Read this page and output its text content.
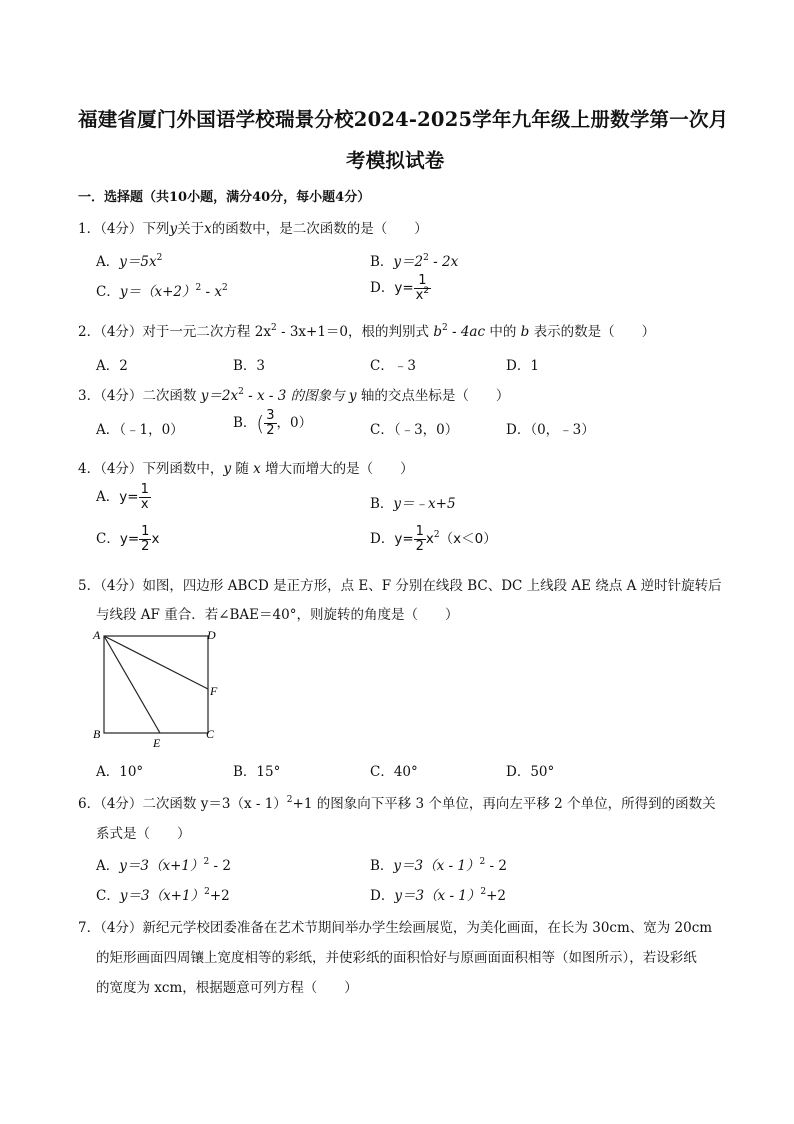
福建省厦门外国语学校瑞景分校2024-2025学年九年级上册数学第一次月
考模拟试卷
一．选择题（共10小题，满分40分，每小题4分）
1．（4分）下列y关于x的函数中，是二次函数的是（　　）
A．$y=5x^2$	B．$y=2^2 - 2x$
C．$y=(x+2)^2 - x^2$	D．$y= \frac{1}{x^2}$
2．（4分）对于一元二次方程 $2x^2 - 3x+1=0$，根的判别式 $b^2 - 4ac$ 中的 b 表示的数是（　　）
A．2	B．3	C．﹣3	D．1
3．（4分）二次函数 $y=2x^2 - x - 3$ 的图象与 y 轴的交点坐标是（　　）
A．（﹣1，0）	B．( $\frac{3}{2}$ ，0）	C．（﹣3，0）	D．（0，﹣3）
4．（4分）下列函数中，y 随 x 增大而增大的是（　　）
A．$y= \frac{1}{x}$	B．y＝﹣x+5
C．$y= \frac{1}{2}$ x	D．$y= \frac{1}{2} x^2(x<0)$
5．（4分）如图，四边形 ABCD 是正方形，点 E、F 分别在线段 BC、DC 上线段 AE 绕点 A 逆时针旋转后
与线段 AF 重合．若∠BAE＝40°，则旋转的角度是（　　）
A	D
B	C
E
F
A．10°	B．15°	C．40°	D．50°
6．（4分）二次函数 y＝3（x - 1）$^2$+1 的图象向下平移 3 个单位，再向左平移 2 个单位，所得到的函数关
系式是（　　）
A．$y=3(x+1)^2 - 2$	B．y＝3（x - 1）$^2$ - 2
C．$y=3(x+1)^2+2$	D．y＝3（x - 1）$^2$+2
7．（4分）新纪元学校团委准备在艺术节期间举办学生绘画展览，为美化画面，在长为 30cm、宽为 20cm
的矩形画面四周镶上宽度相等的彩纸，并使彩纸的面积恰好与原画面面积相等（如图所示），若设彩纸
的宽度为 xcm，根据题意可列方程（　　）
